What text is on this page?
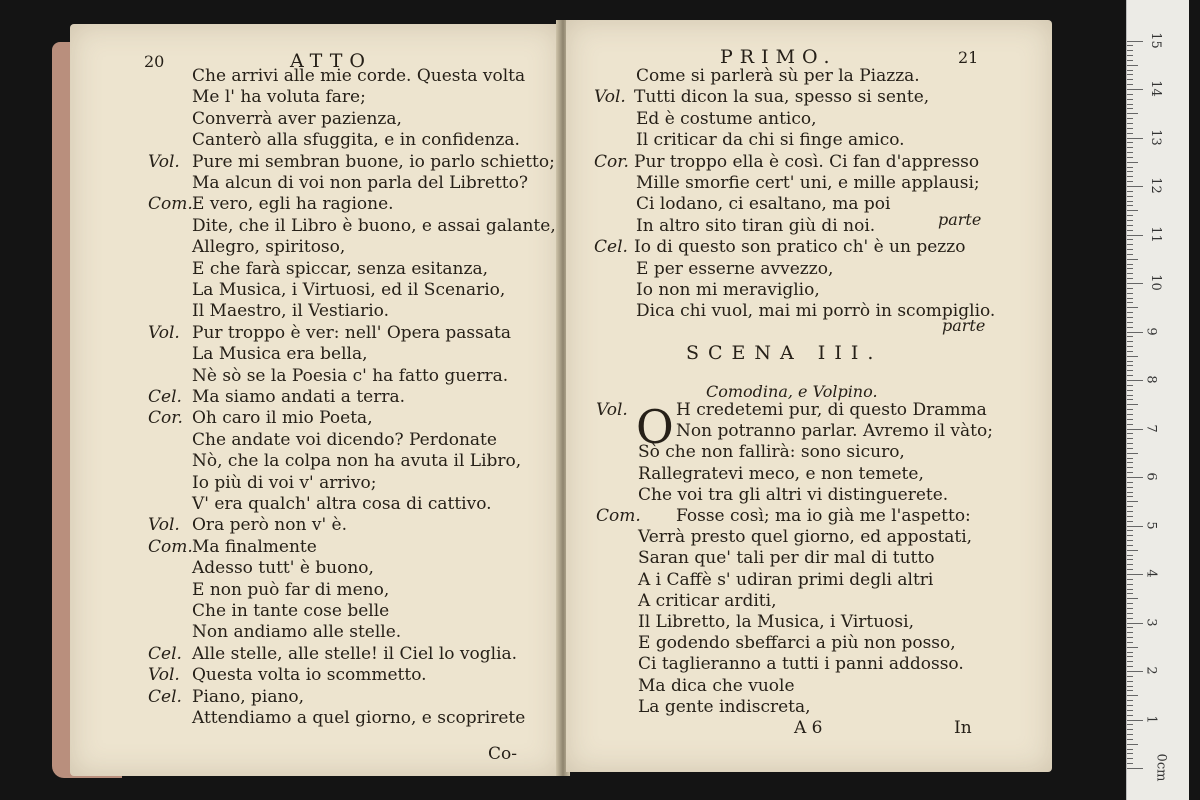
20	ATTO
Che arrivi alle mie corde. Questa volta
Me l' ha voluta fare;
Converrà aver pazienza,
Canterò alla sfuggita, e in confidenza.
Vol. Pure mi sembran buone, io parlo schietto;
Ma alcun di voi non parla del Libretto?
Com. E vero, egli ha ragione.
Dite, che il Libro è buono, e assai galante,
Allegro, spiritoso,
E che farà spiccar, senza esitanza,
La Musica, i Virtuosi, ed il Scenario,
Il Maestro, il Vestiario.
Vol. Pur troppo è ver: nell' Opera passata
La Musica era bella,
Nè sò se la Poesia c' ha fatto guerra.
Cel. Ma siamo andati a terra.
Cor. Oh caro il mio Poeta,
Che andate voi dicendo? Perdonate
Nò, che la colpa non ha avuta il Libro,
Io più di voi v' arrivo;
V' era qualch' altra cosa di cattivo.
Vol. Ora però non v' è.
Com. Ma finalmente
Adesso tutt' è buono,
E non può far di meno,
Che in tante cose belle
Non andiamo alle stelle.
Cel. Alle stelle, alle stelle! il Ciel lo voglia.
Vol. Questa volta io scommetto.
Cel. Piano, piano,
Attendiamo a quel giorno, e scoprirete
Co-
PRIMO.	21
Come si parlerà sù per la Piazza.
Vol. Tutti dicon la sua, spesso si sente,
Ed è costume antico,
Il criticar da chi si finge amico.
Cor. Pur troppo ella è così. Ci fan d'appresso
Mille smorfie cert' uni, e mille applausi;
Ci lodano, ci esaltano, ma poi
In altro sito tiran giù di noi.
Cel. Io di questo son pratico ch' è un pezzo
E per esserne avvezzo,
Io non mi meraviglio,
Dica chi vuol, mai mi porrò in scompiglio.
parte
parte
SCENA III.
Comodina, e Volpino.
O
Vol.	H credetemi pur, di questo Dramma
Non potranno parlar. Avremo il vàto;
Sò che non fallirà: sono sicuro,
Rallegratevi meco, e non temete,
Che voi tra gli altri vi distinguerete.
Com. Fosse così; ma io già me l'aspetto:
Verrà presto quel giorno, ed appostati,
Saran que' tali per dir mal di tutto
A i Caffè s' udiran primi degli altri
A criticar arditi,
Il Libretto, la Musica, i Virtuosi,
E godendo sbeffarci a più non posso,
Ci taglieranno a tutti i panni addosso.
Ma dica che vuole
La gente indiscreta,
A 6	In
0cm
1
2
3
4
5
6
7
8
9
10
11
12
13
14
15
